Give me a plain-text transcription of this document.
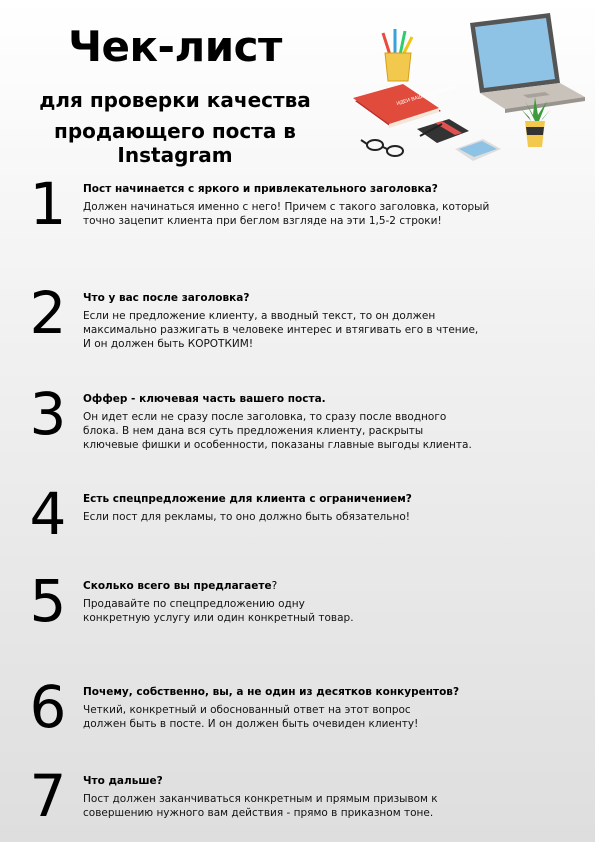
Чек-лист
для проверки качества
продающего поста в Instagram
ИДЕИ ВАШЕГО БИЗНЕСА
1 Пост начинается с яркого и привлекательного заголовка?
Должен начинаться именно с него! Причем с такого заголовка, который
точно зацепит клиента при беглом взгляде на эти 1,5-2 строки!
2 Что у вас после заголовка?
Если не предложение клиенту, а вводный текст, то он должен
максимально разжигать в человеке интерес и втягивать его в чтение,
И он должен быть КОРОТКИМ!
3 Оффер - ключевая часть вашего поста.
Он идет если не сразу после заголовка, то сразу после вводного
блока. В нем дана вся суть предложения клиенту, раскрыты
ключевые фишки и особенности, показаны главные выгоды клиента.
4 Есть спецпредложение для клиента с ограничением?
Если пост для рекламы, то оно должно быть обязательно!
5 Сколько всего вы предлагаете?
Продавайте по спецпредложению одну
конкретную услугу или один конкретный товар.
6 Почему, собственно, вы, а не один из десятков конкурентов?
Четкий, конкретный и обоснованный ответ на этот вопрос
должен быть в посте. И он должен быть очевиден клиенту!
7 Что дальше?
Пост должен заканчиваться конкретным и прямым призывом к
совершению нужного вам действия - прямо в приказном тоне.
